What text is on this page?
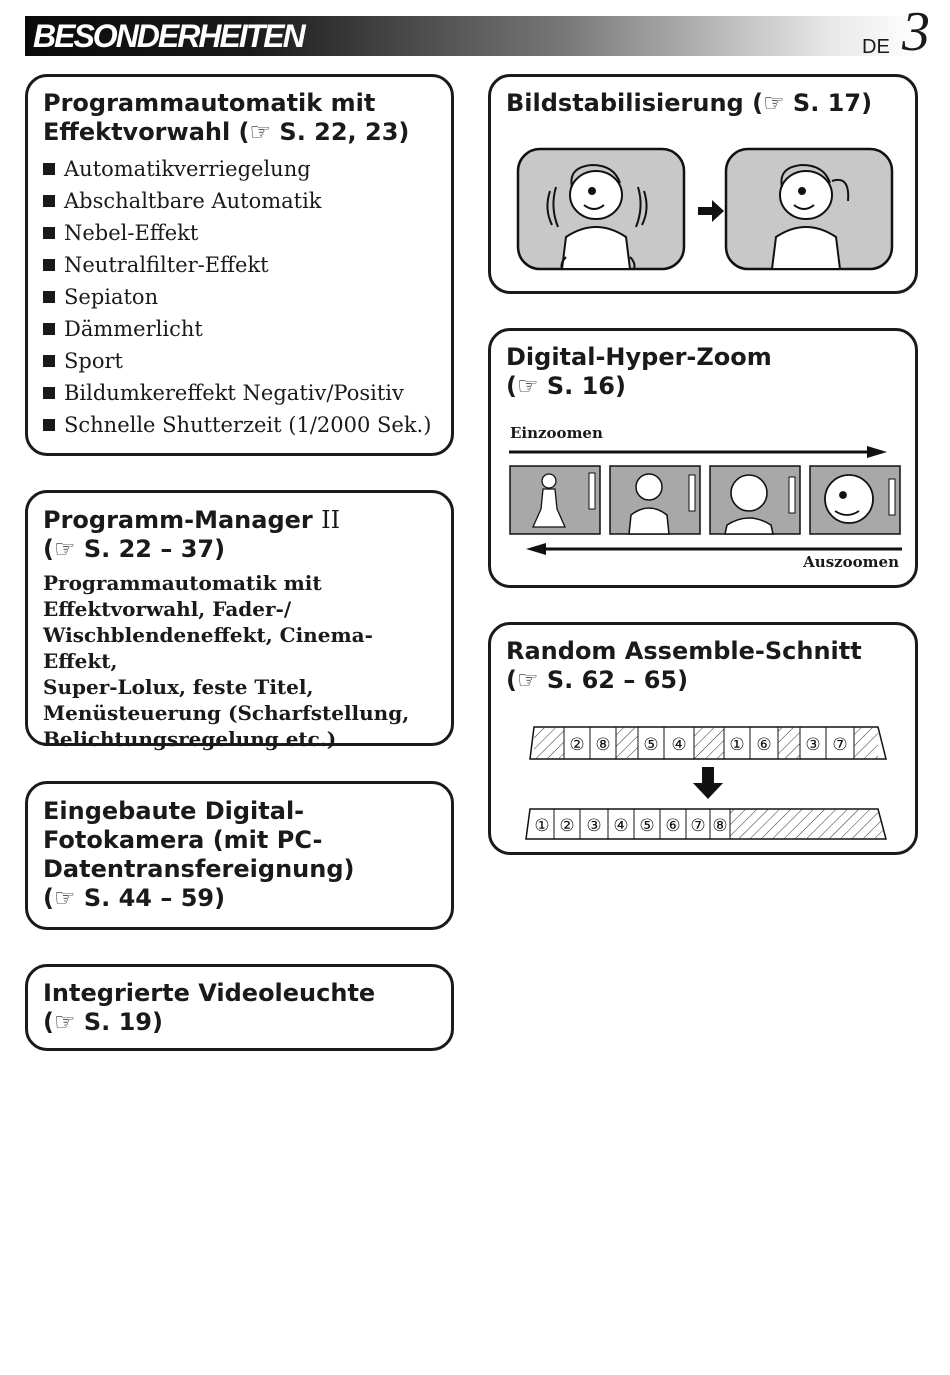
BESONDERHEITEN	DE 3
Programmautomatik mit
Effektvorwahl (☞ S. 22, 23)
Automatikverriegelung
Abschaltbare Automatik
Nebel-Effekt
Neutralfilter-Effekt
Sepiaton
Dämmerlicht
Sport
Bildumkereffekt Negativ/Positiv
Schnelle Shutterzeit (1/2000 Sek.)
Programm-Manager II
(☞ S. 22 – 37)
Programmautomatik mit
Effektvorwahl, Fader-/
Wischblendeneffekt, Cinema-Effekt,
Super-Lolux, feste Titel,
Menüsteuerung (Scharfstellung,
Belichtungsregelung etc.)
Eingebaute Digital-
Fotokamera (mit PC-
Datentransfereignung)
(☞ S. 44 – 59)
Integrierte Videoleuchte
(☞ S. 19)
Bildstabilisierung (☞ S. 17)
Digital-Hyper-Zoom
(☞ S. 16)
Einzoomen
Auszoomen
Random Assemble-Schnitt
(☞ S. 62 – 65)
② ⑧ ⑤ ④	① ⑥ ③ ⑦
① ② ③ ④ ⑤ ⑥ ⑦ ⑧
